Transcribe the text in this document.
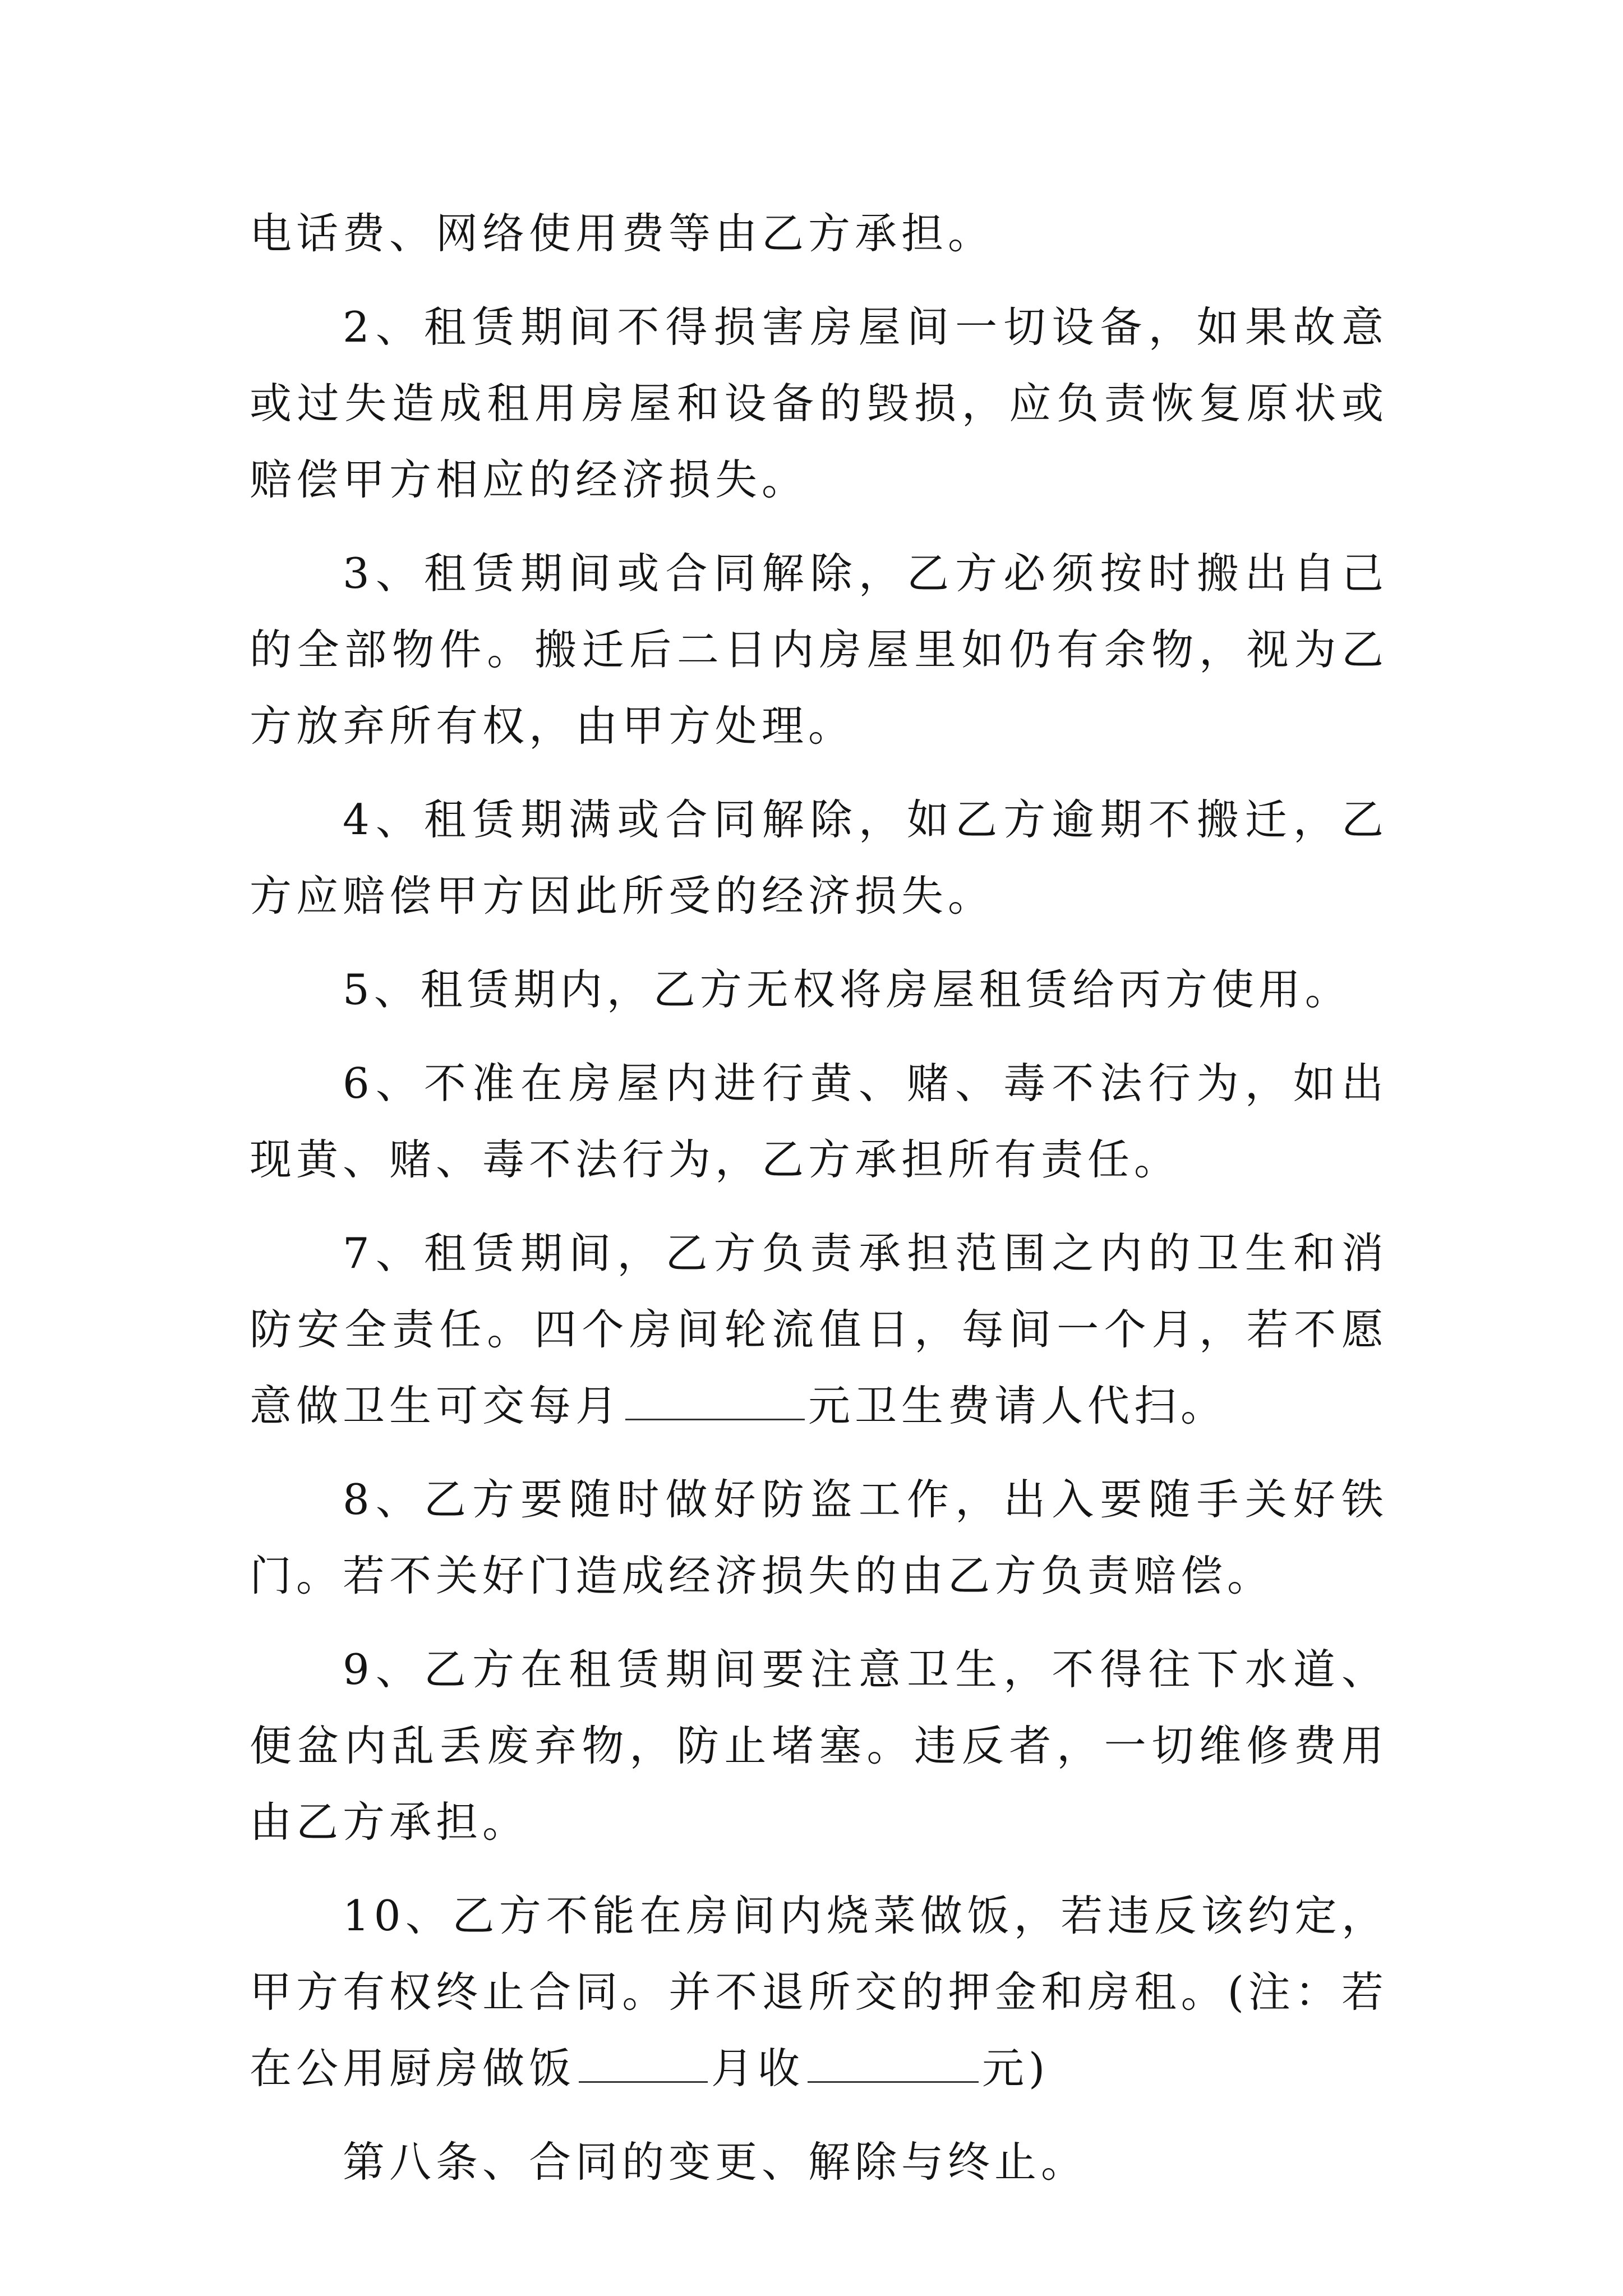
电话费、网络使用费等由乙方承担。

2、租赁期间不得损害房屋间一切设备，如果故意或过失造成租用房屋和设备的毁损，应负责恢复原状或赔偿甲方相应的经济损失。

3、租赁期间或合同解除，乙方必须按时搬出自己的全部物件。搬迁后二日内房屋里如仍有余物，视为乙方放弃所有权，由甲方处理。

4、租赁期满或合同解除，如乙方逾期不搬迁，乙方应赔偿甲方因此所受的经济损失。

5、租赁期内，乙方无权将房屋租赁给丙方使用。

6、不准在房屋内进行黄、赌、毒不法行为，如出现黄、赌、毒不法行为，乙方承担所有责任。

7、租赁期间，乙方负责承担范围之内的卫生和消防安全责任。四个房间轮流值日，每间一个月，若不愿意做卫生可交每月	元卫生费请人代扫。

8、乙方要随时做好防盗工作，出入要随手关好铁门。若不关好门造成经济损失的由乙方负责赔偿。

9、乙方在租赁期间要注意卫生，不得往下水道、便盆内乱丢废弃物，防止堵塞。违反者，一切维修费用由乙方承担。

10、乙方不能在房间内烧菜做饭，若违反该约定，甲方有权终止合同。并不退所交的押金和房租。(注：若在公用厨房做饭	月收	元)

第八条、合同的变更、解除与终止。
